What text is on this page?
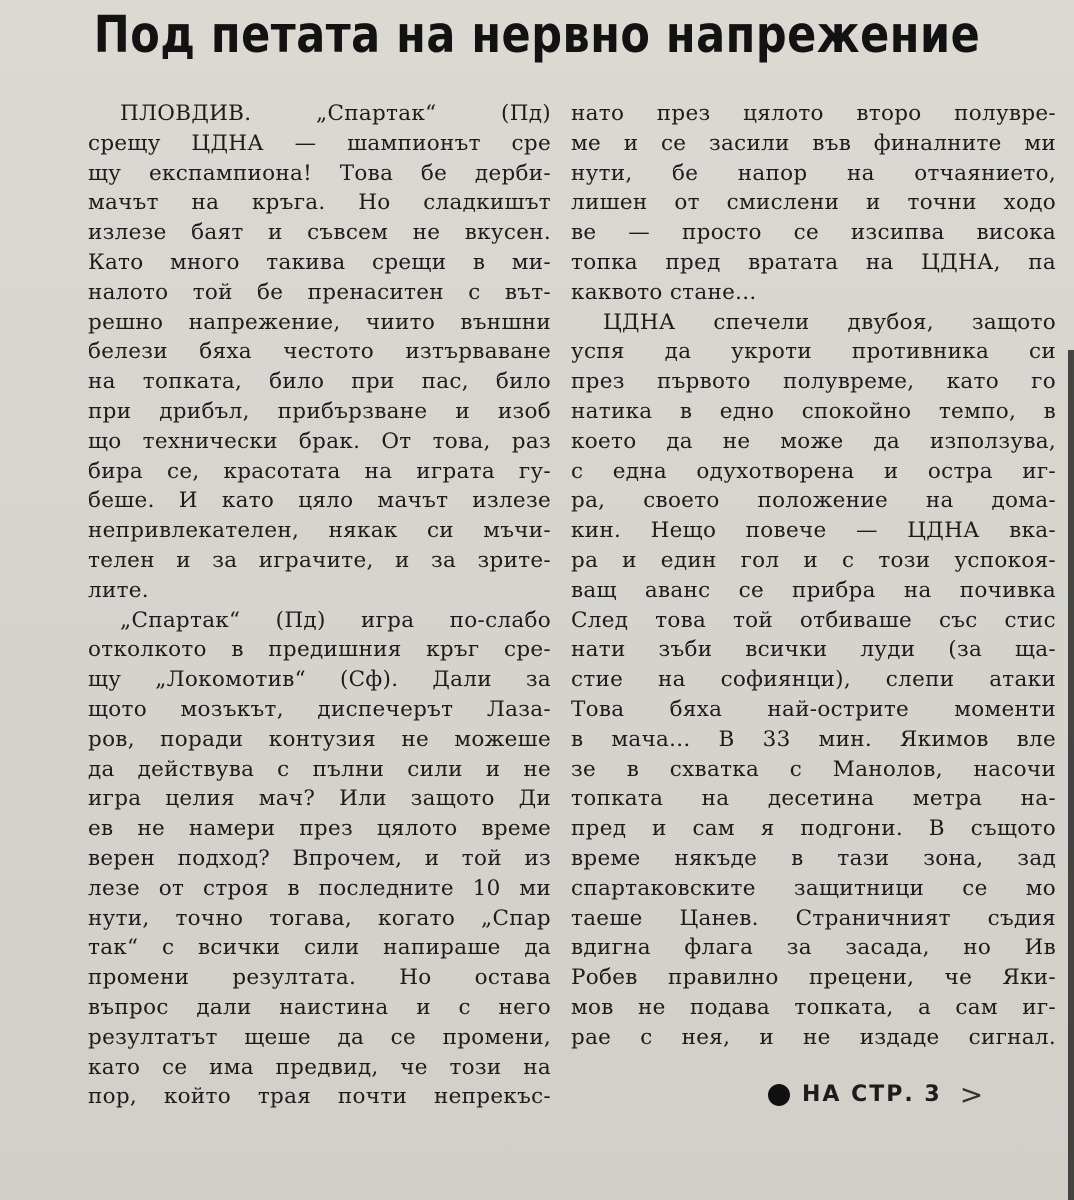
Под петата на нервно напрежение
ПЛОВДИВ. „Спартак“ (Пд)
срещу ЦДНА — шампионът сре
щу експампиона! Това бе дерби-
мачът на кръга. Но сладкишът
излезе баят и съвсем не вкусен.
Като много такива срещи в ми-
налото той бе пренаситен с вът-
решно напрежение, чиито външни
белези бяха честото изтърваване
на топката, било при пас, било
при дрибъл, прибързване и изоб
що технически брак. От това, раз
бира се, красотата на играта гу-
беше. И като цяло мачът излезе
непривлекателен, някак си мъчи-
телен и за играчите, и за зрите-
лите.
„Спартак“ (Пд) игра по-слабо
отколкото в предишния кръг сре-
щу „Локомотив“ (Сф). Дали за
щото мозъкът, диспечерът Лаза-
ров, поради контузия не можеше
да действува с пълни сили и не
игра целия мач? Или защото Ди
ев не намери през цялото време
верен подход? Впрочем, и той из
лезе от строя в последните 10 ми
нути, точно тогава, когато „Спар
так“ с всички сили напираше да
промени резултата. Но остава
въпрос дали наистина и с него
резултатът щеше да се промени,
като се има предвид, че този на
пор, който трая почти непрекъс-
нато през цялото второ полувре-
ме и се засили във финалните ми
нути, бе напор на отчаянието,
лишен от смислени и точни ходо
ве — просто се изсипва висока
топка пред вратата на ЦДНА, па
каквото стане...
ЦДНА спечели двубоя, защото
успя да укроти противника си
през първото полувреме, като го
натика в едно спокойно темпо, в
което да не може да използува,
с една одухотворена и остра иг-
ра, своето положение на дома-
кин. Нещо повече — ЦДНА вка-
ра и един гол и с този успокоя-
ващ аванс се прибра на почивка
След това той отбиваше със стис
нати зъби всички луди (за ща-
стие на софиянци), слепи атаки
Това бяха най-острите моменти
в мача... В 33 мин. Якимов вле
зе в схватка с Манолов, насочи
топката на десетина метра на-
пред и сам я подгони. В същото
време някъде в тази зона, зад
спартаковските защитници се мо
таеше Цанев. Страничният съдия
вдигна флага за засада, но Ив
Робев правилно прецени, че Яки-
мов не подава топката, а сам иг-
рае с нея, и не издаде сигнал.
НА СТР. 3 >
